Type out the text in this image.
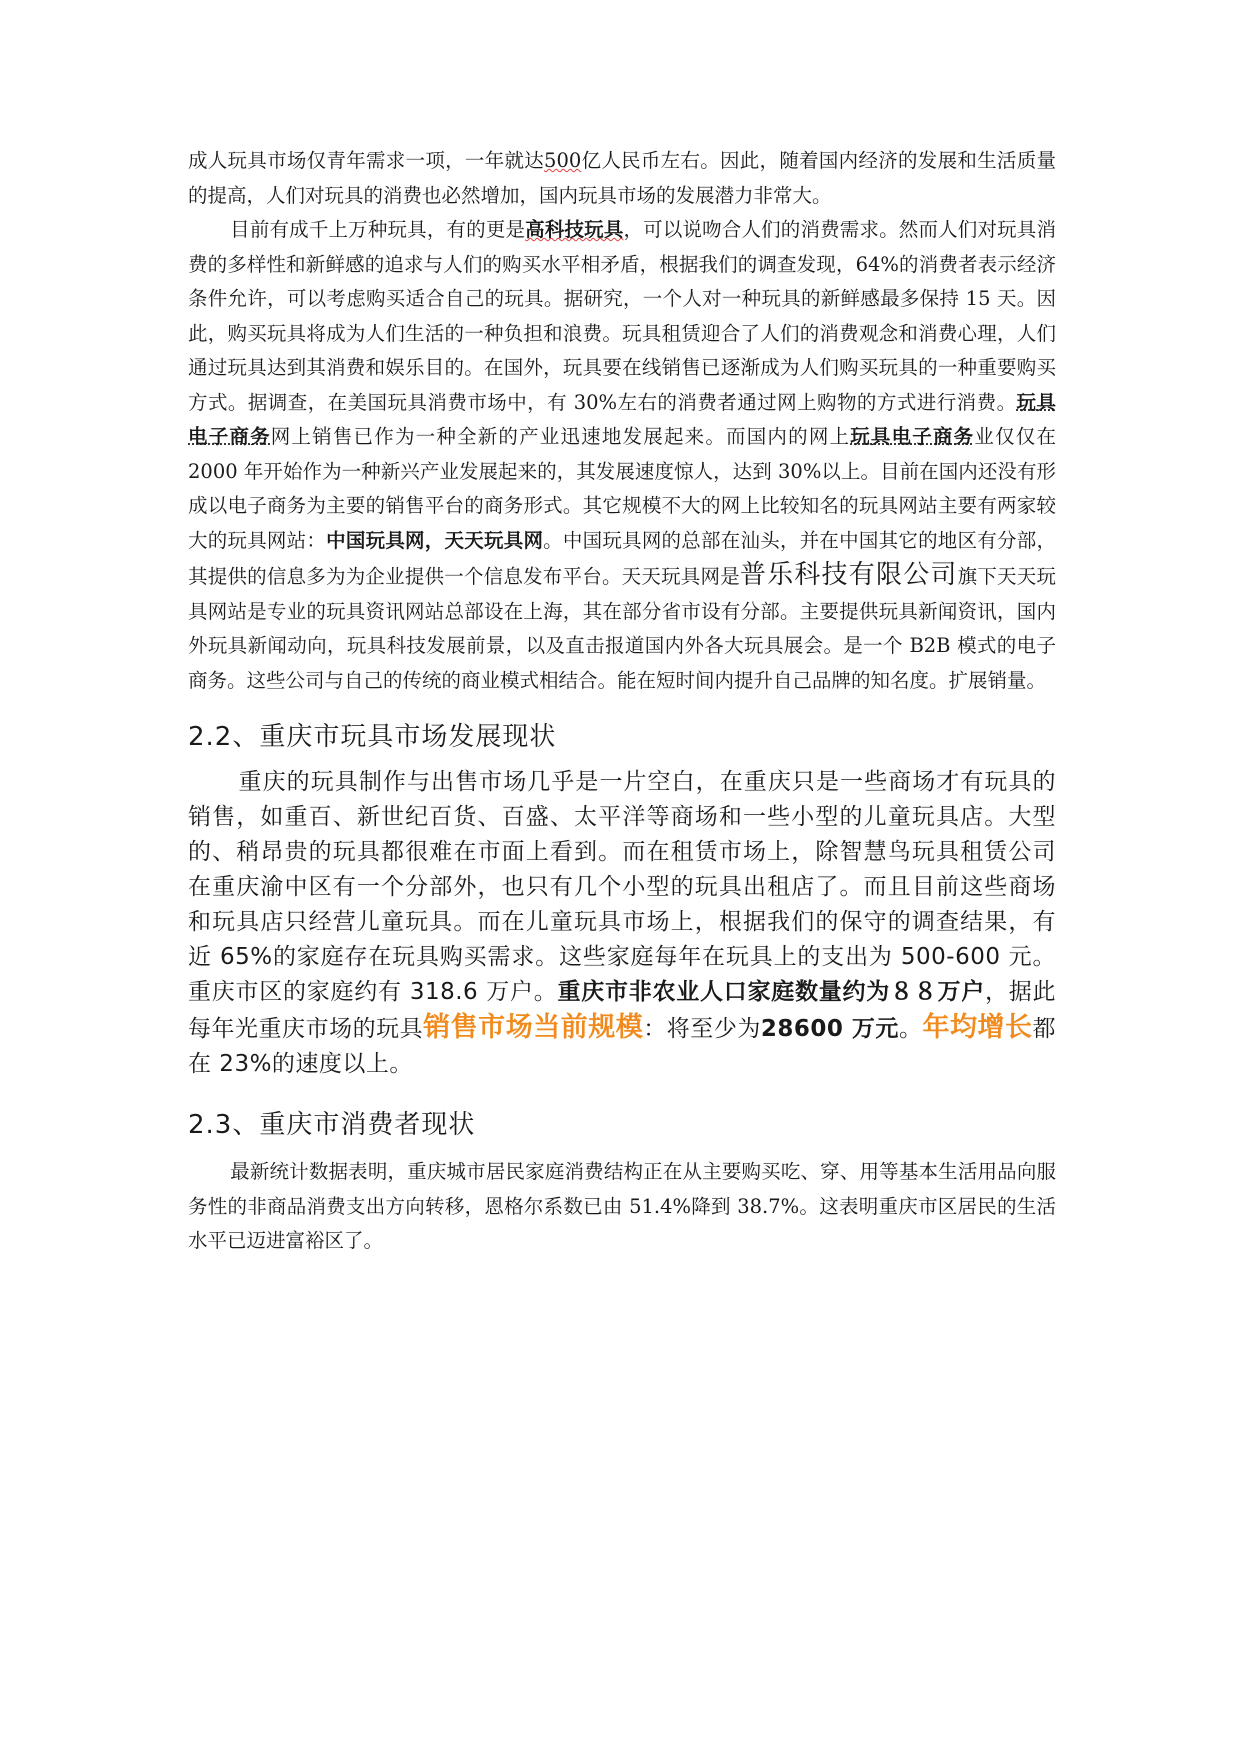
成人玩具市场仅青年需求一项，一年就达500亿人民币左右。因此，随着国内经济的发展和生活质量的提高，人们对玩具的消费也必然增加，国内玩具市场的发展潜力非常大。

目前有成千上万种玩具，有的更是高科技玩具，可以说吻合人们的消费需求。然而人们对玩具消费的多样性和新鲜感的追求与人们的购买水平相矛盾，根据我们的调查发现，64%的消费者表示经济条件允许，可以考虑购买适合自己的玩具。据研究，一个人对一种玩具的新鲜感最多保持 15 天。因此，购买玩具将成为人们生活的一种负担和浪费。玩具租赁迎合了人们的消费观念和消费心理，人们通过玩具达到其消费和娱乐目的。在国外，玩具要在线销售已逐渐成为人们购买玩具的一种重要购买方式。据调查，在美国玩具消费市场中，有 30%左右的消费者通过网上购物的方式进行消费。玩具电子商务网上销售已作为一种全新的产业迅速地发展起来。而国内的网上玩具电子商务业仅仅在 2000 年开始作为一种新兴产业发展起来的，其发展速度惊人，达到 30%以上。目前在国内还没有形成以电子商务为主要的销售平台的商务形式。其它规模不大的网上比较知名的玩具网站主要有两家较大的玩具网站：中国玩具网，天天玩具网。中国玩具网的总部在汕头，并在中国其它的地区有分部，其提供的信息多为为企业提供一个信息发布平台。天天玩具网是普乐科技有限公司旗下天天玩具网站是专业的玩具资讯网站总部设在上海，其在部分省市设有分部。主要提供玩具新闻资讯，国内外玩具新闻动向，玩具科技发展前景，以及直击报道国内外各大玩具展会。是一个 B2B 模式的电子商务。这些公司与自己的传统的商业模式相结合。能在短时间内提升自己品牌的知名度。扩展销量。

2.2、重庆市玩具市场发展现状

重庆的玩具制作与出售市场几乎是一片空白，在重庆只是一些商场才有玩具的销售，如重百、新世纪百货、百盛、太平洋等商场和一些小型的儿童玩具店。大型的、稍昂贵的玩具都很难在市面上看到。而在租赁市场上，除智慧鸟玩具租赁公司在重庆渝中区有一个分部外，也只有几个小型的玩具出租店了。而且目前这些商场和玩具店只经营儿童玩具。而在儿童玩具市场上，根据我们的保守的调查结果，有近 65%的家庭存在玩具购买需求。这些家庭每年在玩具上的支出为 500-600 元。重庆市区的家庭约有 318.6 万户。重庆市非农业人口家庭数量约为８８万户，据此每年光重庆市场的玩具销售市场当前规模：将至少为28600 万元。年均增长都在 23%的速度以上。

2.3、重庆市消费者现状

最新统计数据表明，重庆城市居民家庭消费结构正在从主要购买吃、穿、用等基本生活用品向服务性的非商品消费支出方向转移，恩格尔系数已由 51.4%降到 38.7%。这表明重庆市区居民的生活水平已迈进富裕区了。
